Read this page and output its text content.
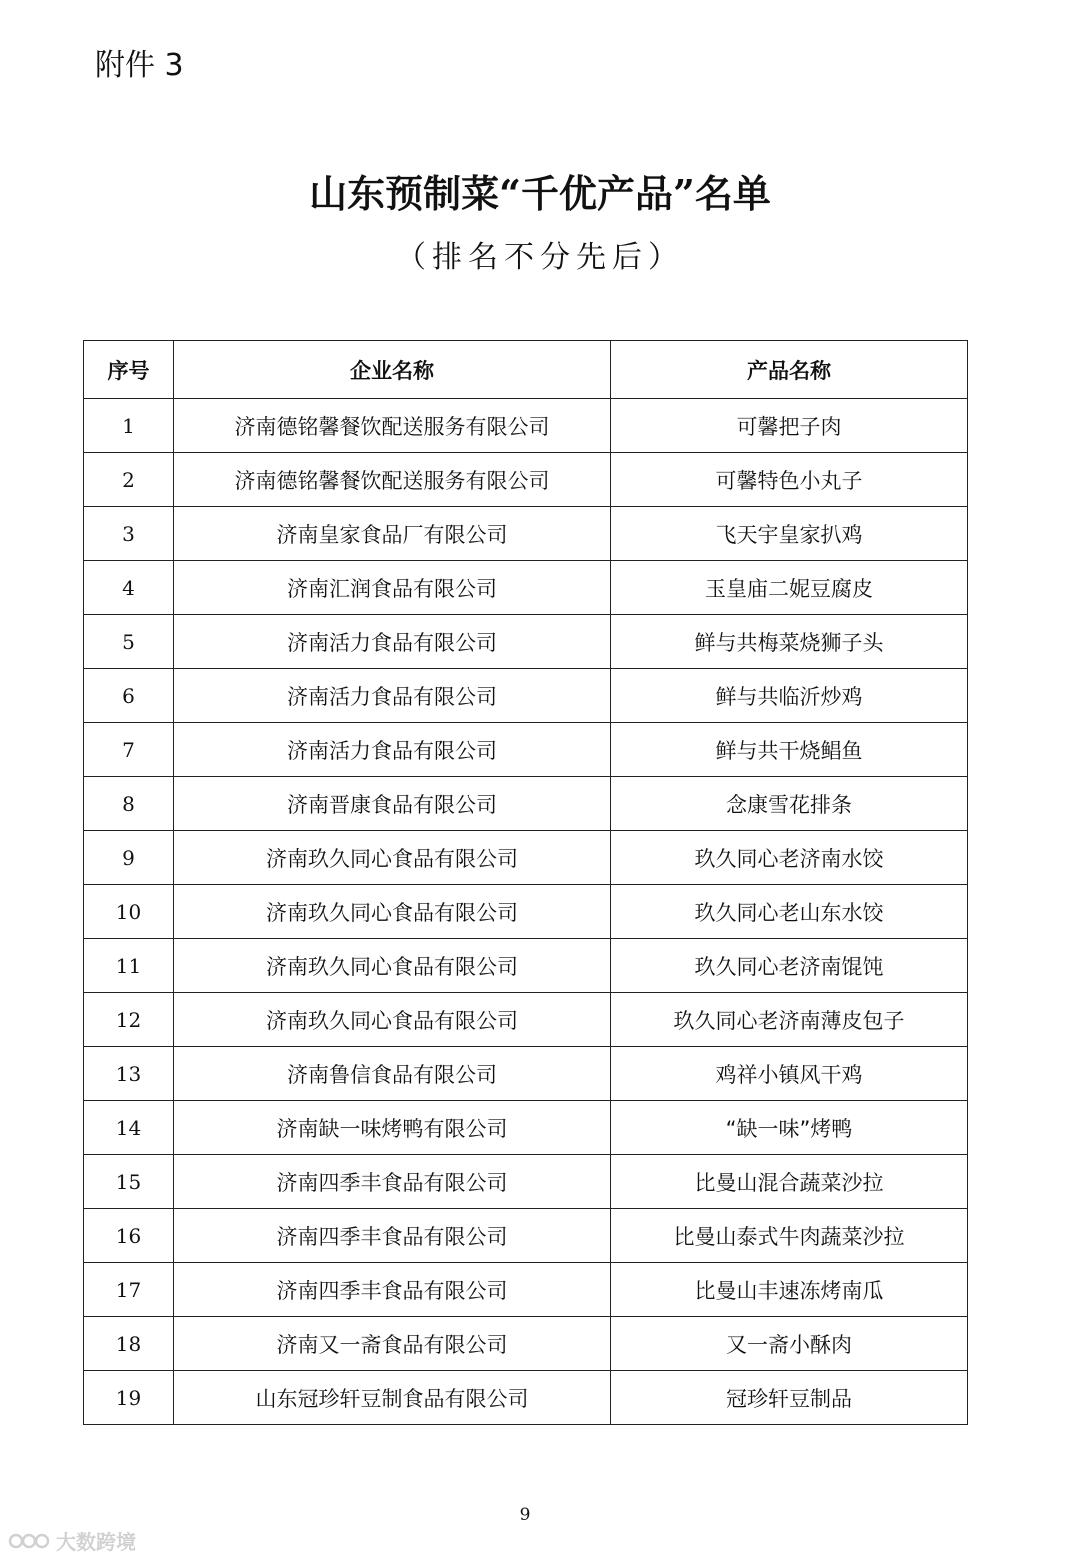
附件 3
山东预制菜“千优产品”名单
（排名不分先后）
序号	企业名称	产品名称
1	济南德铭馨餐饮配送服务有限公司	可馨把子肉
2	济南德铭馨餐饮配送服务有限公司	可馨特色小丸子
3	济南皇家食品厂有限公司	飞天宇皇家扒鸡
4	济南汇润食品有限公司	玉皇庙二妮豆腐皮
5	济南活力食品有限公司	鲜与共梅菜烧狮子头
6	济南活力食品有限公司	鲜与共临沂炒鸡
7	济南活力食品有限公司	鲜与共干烧鲳鱼
8	济南晋康食品有限公司	念康雪花排条
9	济南玖久同心食品有限公司	玖久同心老济南水饺
10	济南玖久同心食品有限公司	玖久同心老山东水饺
11	济南玖久同心食品有限公司	玖久同心老济南馄饨
12	济南玖久同心食品有限公司	玖久同心老济南薄皮包子
13	济南鲁信食品有限公司	鸡祥小镇风干鸡
14	济南缺一味烤鸭有限公司	“缺一味”烤鸭
15	济南四季丰食品有限公司	比曼山混合蔬菜沙拉
16	济南四季丰食品有限公司	比曼山泰式牛肉蔬菜沙拉
17	济南四季丰食品有限公司	比曼山丰速冻烤南瓜
18	济南又一斋食品有限公司	又一斋小酥肉
19	山东冠珍轩豆制食品有限公司	冠珍轩豆制品
9
大数跨境
